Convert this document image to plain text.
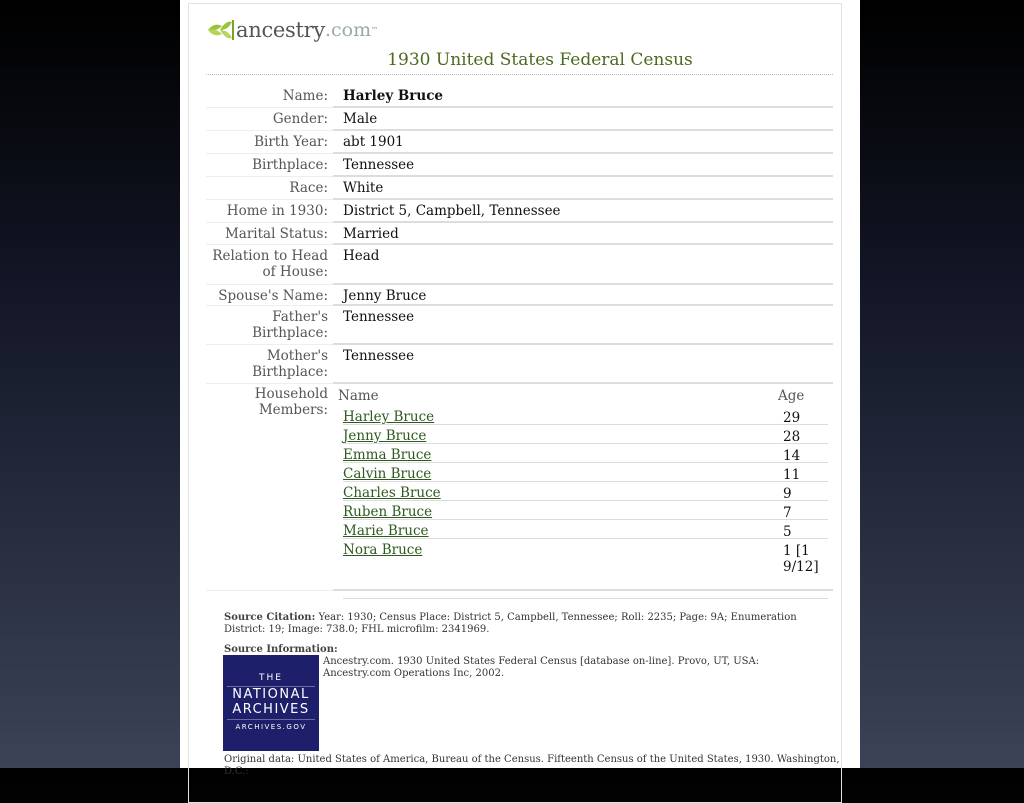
ancestry .com ™
1930 United States Federal Census
Name: Harley Bruce
Gender: Male
Birth Year: abt 1901
Birthplace: Tennessee
Race: White
Home in 1930: District 5, Campbell, Tennessee
Marital Status: Married
Relation to Head of House:
Head
Spouse's Name: Jenny Bruce
Father's Birthplace:
Tennessee
Mother's Birthplace:
Tennessee
Household Members:
Name	Age
Harley Bruce	29
Jenny Bruce	28
Emma Bruce	14
Calvin Bruce	11
Charles Bruce	9
Ruben Bruce	7
Marie Bruce	5
Nora Bruce	1 [1 9/12]
Source Citation: Year: 1930; Census Place: District 5, Campbell, Tennessee; Roll: 2235; Page: 9A; Enumeration District: 19; Image: 738.0; FHL microfilm: 2341969.
Source Information:
THE
NATIONAL
ARCHIVES
ARCHIVES.GOV
Ancestry.com. 1930 United States Federal Census [database on-line]. Provo, UT, USA: Ancestry.com Operations Inc, 2002.
Original data: United States of America, Bureau of the Census. Fifteenth Census of the United States, 1930. Washington, D.C.:
